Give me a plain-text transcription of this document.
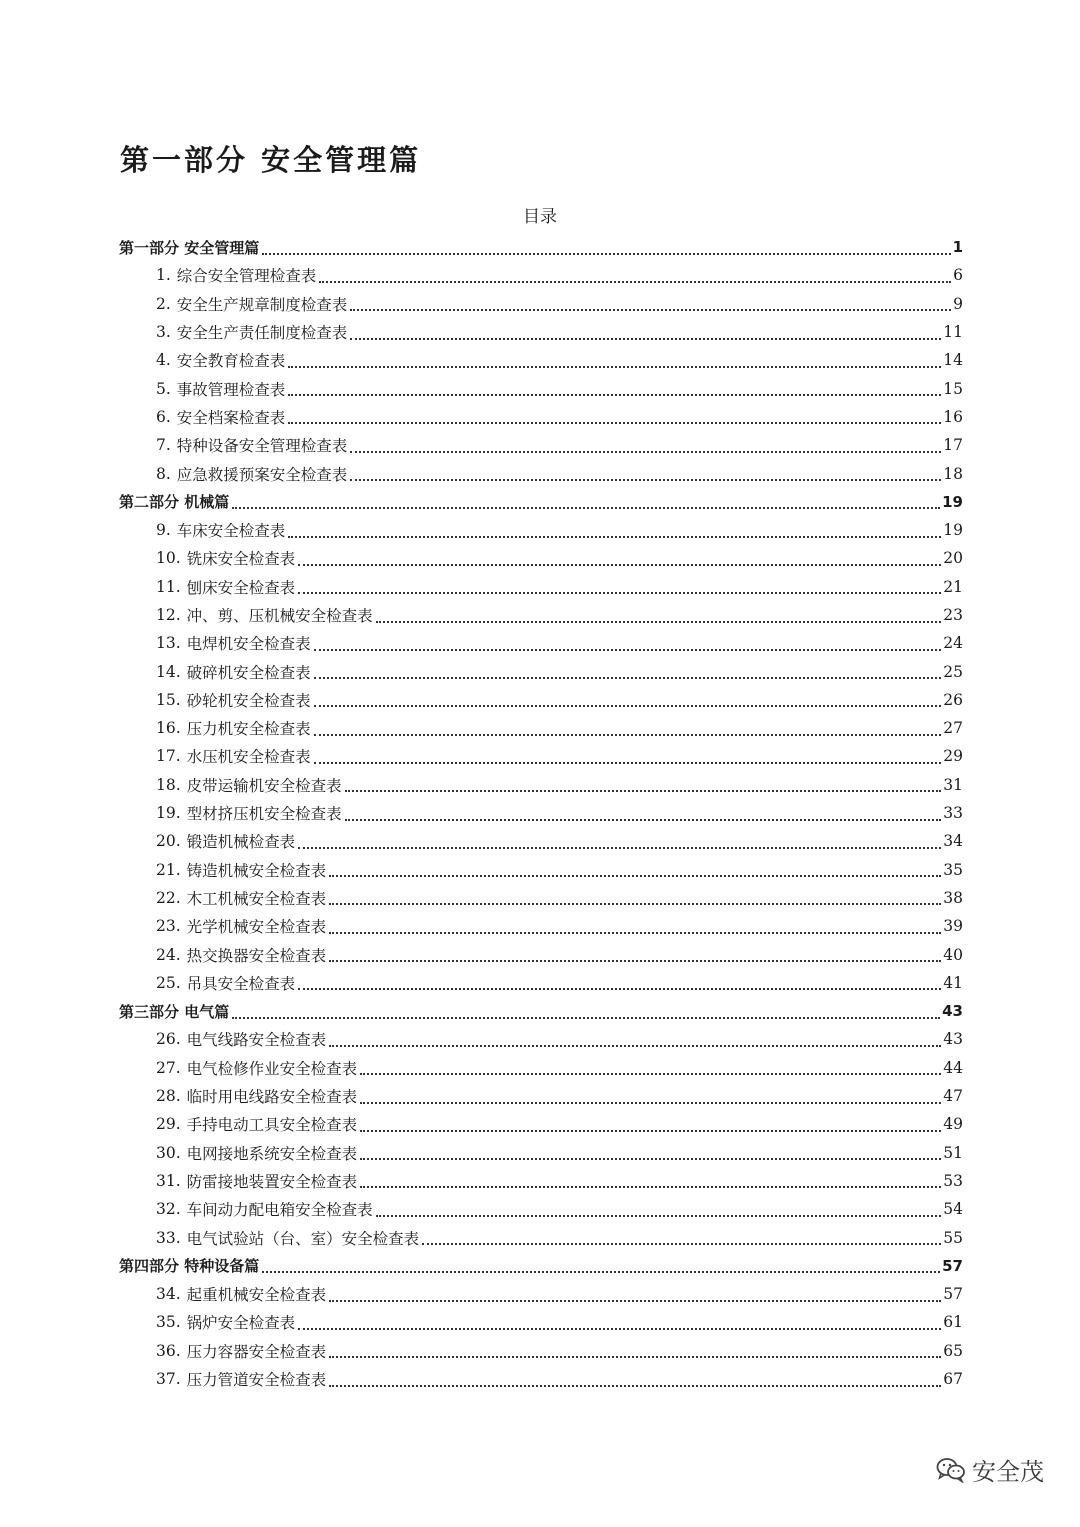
第一部分 安全管理篇
目录
第一部分 安全管理篇	1
1. 综合安全管理检查表	6
2. 安全生产规章制度检查表	9
3. 安全生产责任制度检查表	11
4. 安全教育检查表	14
5. 事故管理检查表	15
6. 安全档案检查表	16
7. 特种设备安全管理检查表	17
8. 应急救援预案安全检查表	18
第二部分 机械篇	19
9. 车床安全检查表	19
10. 铣床安全检查表	20
11. 刨床安全检查表	21
12. 冲、剪、压机械安全检查表	23
13. 电焊机安全检查表	24
14. 破碎机安全检查表	25
15. 砂轮机安全检查表	26
16. 压力机安全检查表	27
17. 水压机安全检查表	29
18. 皮带运输机安全检查表	31
19. 型材挤压机安全检查表	33
20. 锻造机械检查表	34
21. 铸造机械安全检查表	35
22. 木工机械安全检查表	38
23. 光学机械安全检查表	39
24. 热交换器安全检查表	40
25. 吊具安全检查表	41
第三部分 电气篇	43
26. 电气线路安全检查表	43
27. 电气检修作业安全检查表	44
28. 临时用电线路安全检查表	47
29. 手持电动工具安全检查表	49
30. 电网接地系统安全检查表	51
31. 防雷接地装置安全检查表	53
32. 车间动力配电箱安全检查表	54
33. 电气试验站（台、室）安全检查表	55
第四部分 特种设备篇	57
34. 起重机械安全检查表	57
35. 锅炉安全检查表	61
36. 压力容器安全检查表	65
37. 压力管道安全检查表	67
安全茂
